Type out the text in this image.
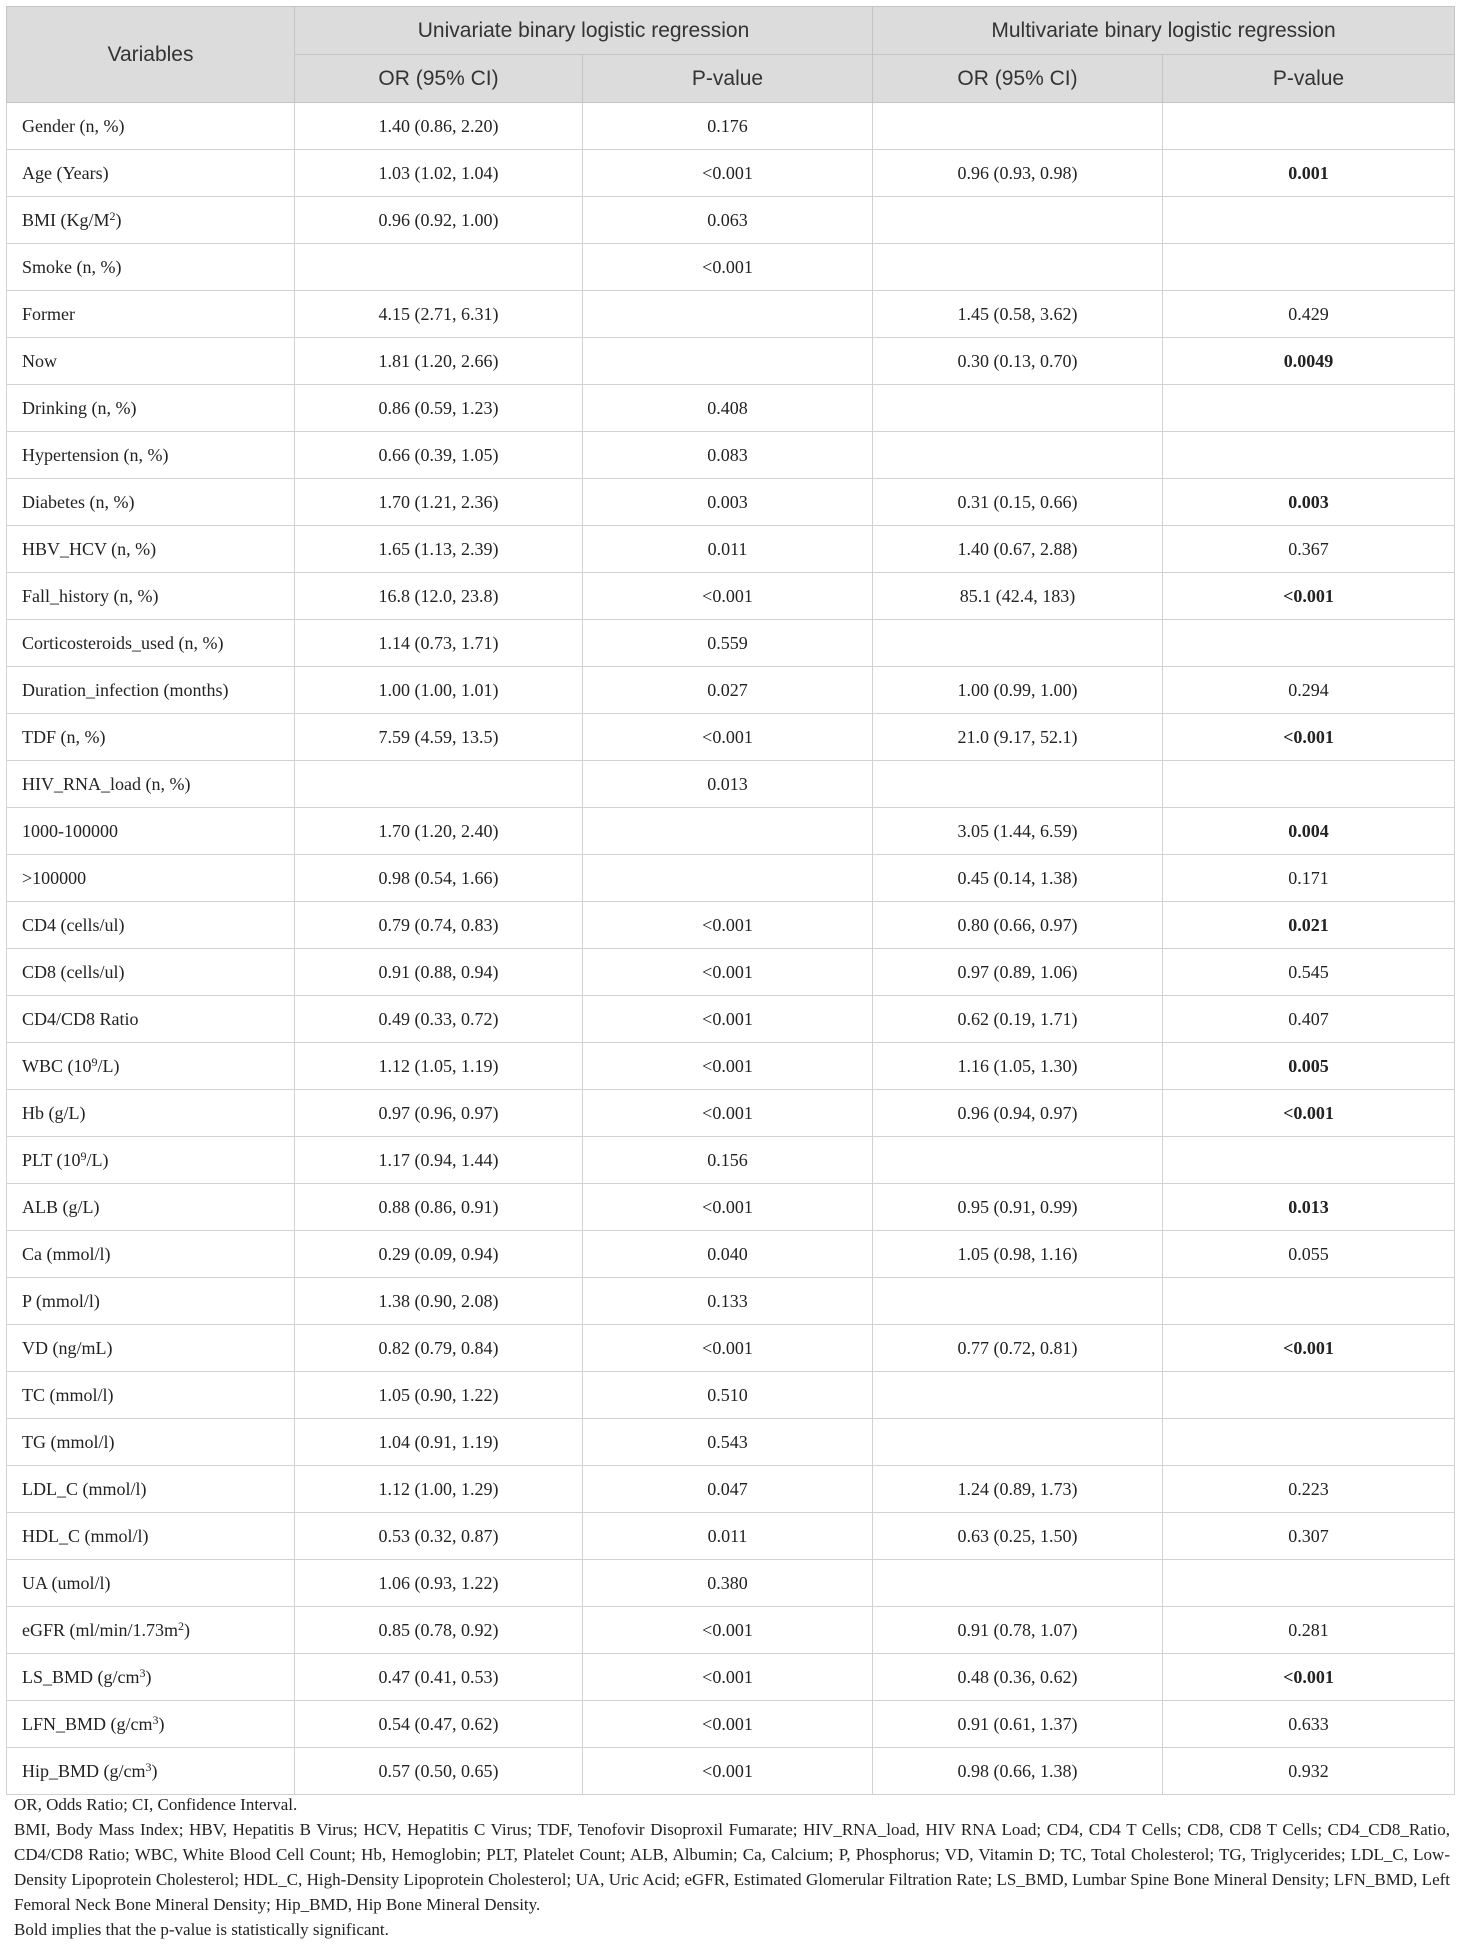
Variables	Univariate binary logistic regression		Multivariate binary logistic regression	
	OR (95% CI)	P-value	OR (95% CI)	P-value
Gender (n, %)	1.40 (0.86, 2.20)	0.176		
Age (Years)	1.03 (1.02, 1.04)	<0.001	0.96 (0.93, 0.98)	0.001
BMI $(Kg/M^2)$	0.96 (0.92, 1.00)	0.063		
Smoke (n, %)		<0.001		
Former	4.15 (2.71, 6.31)		1.45 (0.58, 3.62)	0.429
Now	1.81 (1.20, 2.66)		0.30 (0.13, 0.70)	0.0049
Drinking (n, %)	0.86 (0.59, 1.23)	0.408		
Hypertension (n, %)	0.66 (0.39, 1.05)	0.083		
Diabetes (n, %)	1.70 (1.21, 2.36)	0.003	0.31 (0.15, 0.66)	0.003
HBV_HCV (n, %)	1.65 (1.13, 2.39)	0.011	1.40 (0.67, 2.88)	0.367
Fall_history (n, %)	16.8 (12.0, 23.8)	<0.001	85.1 (42.4, 183)	<0.001
Corticosteroids_used (n, %)	1.14 (0.73, 1.71)	0.559		
Duration_infection (months)	1.00 (1.00, 1.01)	0.027	1.00 (0.99, 1.00)	0.294
TDF (n, %)	7.59 (4.59, 13.5)	<0.001	21.0 (9.17, 52.1)	<0.001
HIV_RNA_load (n, %)		0.013		
1000-100000	1.70 (1.20, 2.40)		3.05 (1.44, 6.59)	0.004
>100000	0.98 (0.54, 1.66)		0.45 (0.14, 1.38)	0.171
CD4 (cells/ul)	0.79 (0.74, 0.83)	<0.001	0.80 (0.66, 0.97)	0.021
CD8 (cells/ul)	0.91 (0.88, 0.94)	<0.001	0.97 (0.89, 1.06)	0.545
CD4/CD8 Ratio	0.49 (0.33, 0.72)	<0.001	0.62 (0.19, 1.71)	0.407
WBC $(10^9/L)$	1.12 (1.05, 1.19)	<0.001	1.16 (1.05, 1.30)	0.005
Hb (g/L)	0.97 (0.96, 0.97)	<0.001	0.96 (0.94, 0.97)	<0.001
PLT $(10^9/L)$	1.17 (0.94, 1.44)	0.156		
ALB (g/L)	0.88 (0.86, 0.91)	<0.001	0.95 (0.91, 0.99)	0.013
Ca (mmol/l)	0.29 (0.09, 0.94)	0.040	1.05 (0.98, 1.16)	0.055
P (mmol/l)	1.38 (0.90, 2.08)	0.133		
VD (ng/mL)	0.82 (0.79, 0.84)	<0.001	0.77 (0.72, 0.81)	<0.001
TC (mmol/l)	1.05 (0.90, 1.22)	0.510		
TG (mmol/l)	1.04 (0.91, 1.19)	0.543		
LDL_C (mmol/l)	1.12 (1.00, 1.29)	0.047	1.24 (0.89, 1.73)	0.223
HDL_C (mmol/l)	0.53 (0.32, 0.87)	0.011	0.63 (0.25, 1.50)	0.307
UA (umol/l)	1.06 (0.93, 1.22)	0.380		
eGFR $(ml/\min/1.73m^2)$	0.85 (0.78, 0.92)	<0.001	0.91 (0.78, 1.07)	0.281
LS_BMD $(g/cm^3)$	0.47 (0.41, 0.53)	<0.001	0.48 (0.36, 0.62)	<0.001
LFN_BMD $(g/cm^3)$	0.54 (0.47, 0.62)	<0.001	0.91 (0.61, 1.37)	0.633
Hip_BMD $(g/cm^3)$	0.57 (0.50, 0.65)	<0.001	0.98 (0.66, 1.38)	0.932

OR, Odds Ratio; CI, Confidence Interval.

BMI, Body Mass Index; HBV, Hepatitis B Virus; HCV, Hepatitis C Virus; TDF, Tenofovir Disoproxil Fumarate; HIV_RNA_load, HIV RNA Load; CD4, CD4 T Cells; CD8, CD8 T Cells; CD4_CD8_Ratio, CD4/CD8 Ratio; WBC, White Blood Cell Count; Hb, Hemoglobin; PLT, Platelet Count; ALB, Albumin; Ca, Calcium; P, Phosphorus; VD, Vitamin D; TC, Total Cholesterol; TG, Triglycerides; LDL_C, Low-Density Lipoprotein Cholesterol; HDL_C, High-Density Lipoprotein Cholesterol; UA, Uric Acid; eGFR, Estimated Glomerular Filtration Rate; LS_BMD, Lumbar Spine Bone Mineral Density; LFN_BMD, Left Femoral Neck Bone Mineral Density; Hip_BMD, Hip Bone Mineral Density.

Bold implies that the p-value is statistically significant.
